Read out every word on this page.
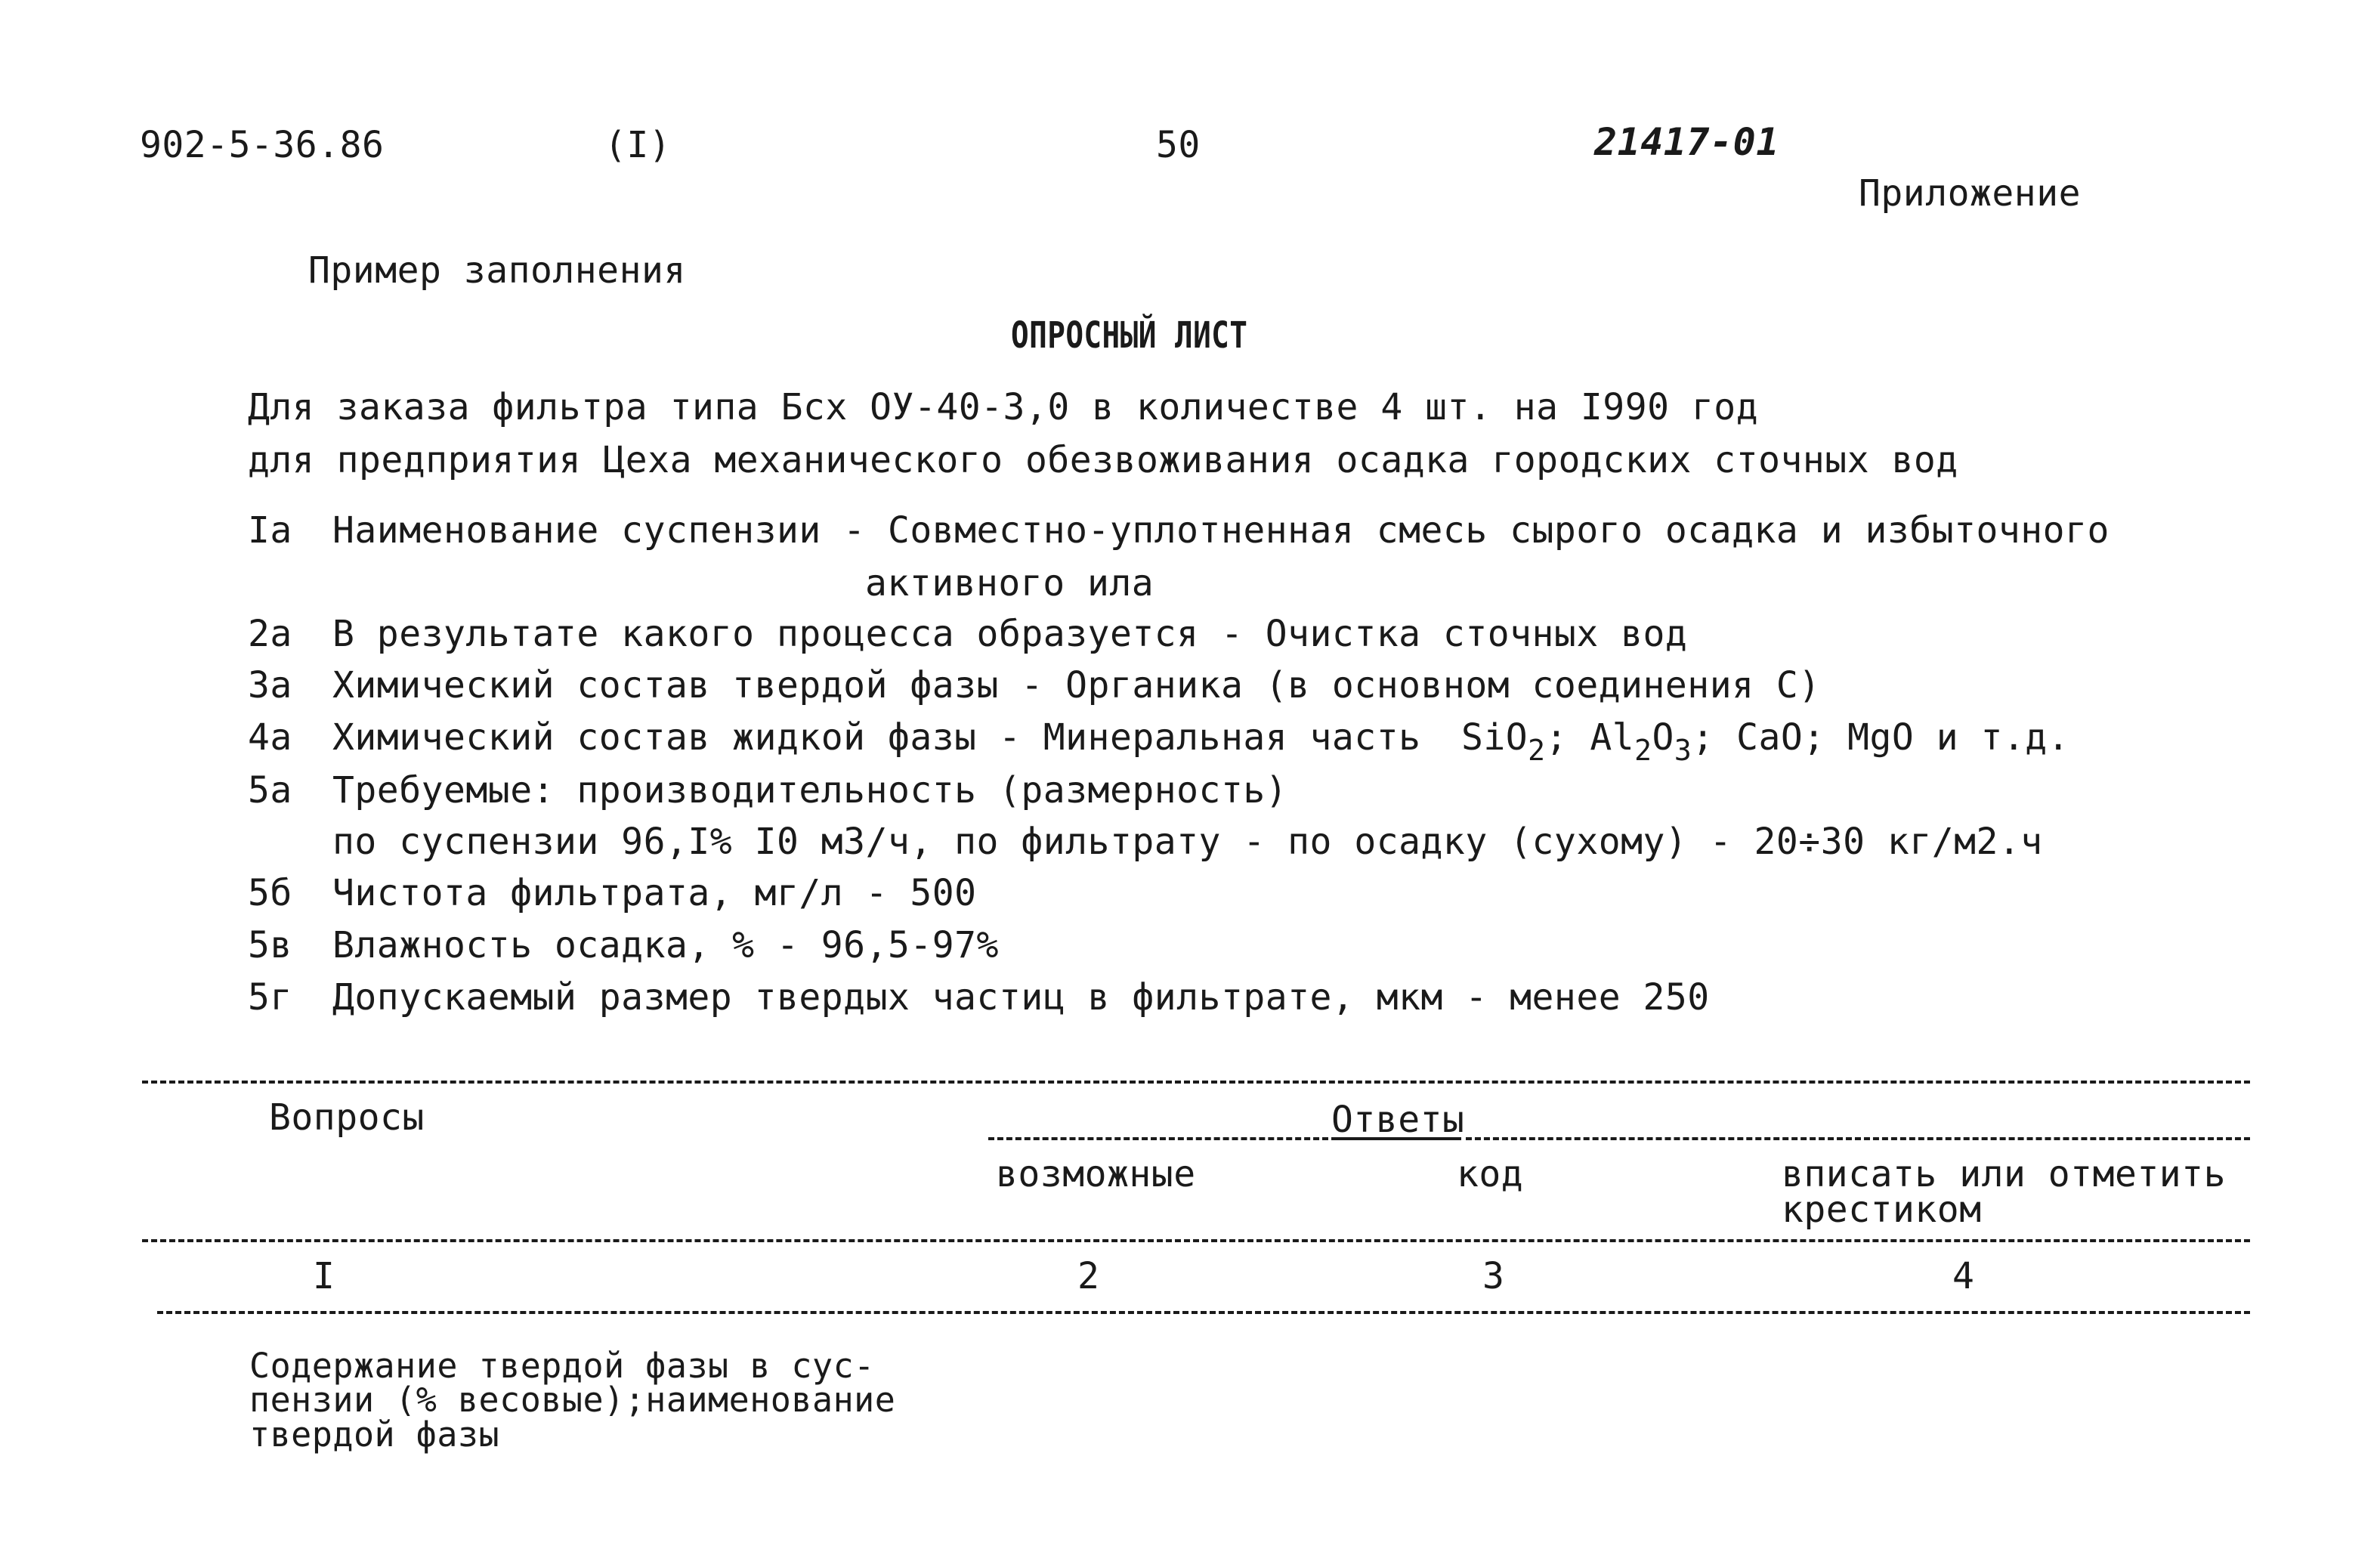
902-5-36.86	(I)	50	21417-01
Приложение
Пример заполнения
ОПРОСНЫЙ ЛИСТ
Для заказа фильтра типа Бсх ОУ-40-3,0 в количестве 4 шт. на I990 год
для предприятия Цеха механического обезвоживания осадка городских сточных вод
Iа Наименование суспензии - Совместно-уплотненная смесь сырого осадка и избыточного
активного ила
2а В результате какого процесса образуется - Очистка сточных вод
3а Химический состав твердой фазы - Органика (в основном соединения С)
4а Химический состав жидкой фазы - Минеральная часть SiO$_2$; $Al_2O_3$; CaO; MgO и т.д.
5а Требуемые: производительность (размерность)
по суспензии 96,I% I0 м3/ч, по фильтрату - по осадку (сухому) - 20÷30 кг/м2.ч
5б Чистота фильтрата, мг/л - 500
5в Влажность осадка, % - 96,5-97%
5г Допускаемый размер твердых частиц в фильтрате, мкм - менее 250
Вопросы	Ответы
возможные	код	вписать или отметить
крестиком
I	2	3	4
Содержание твердой фазы в сус-
пензии (% весовые);наименование
твердой фазы
